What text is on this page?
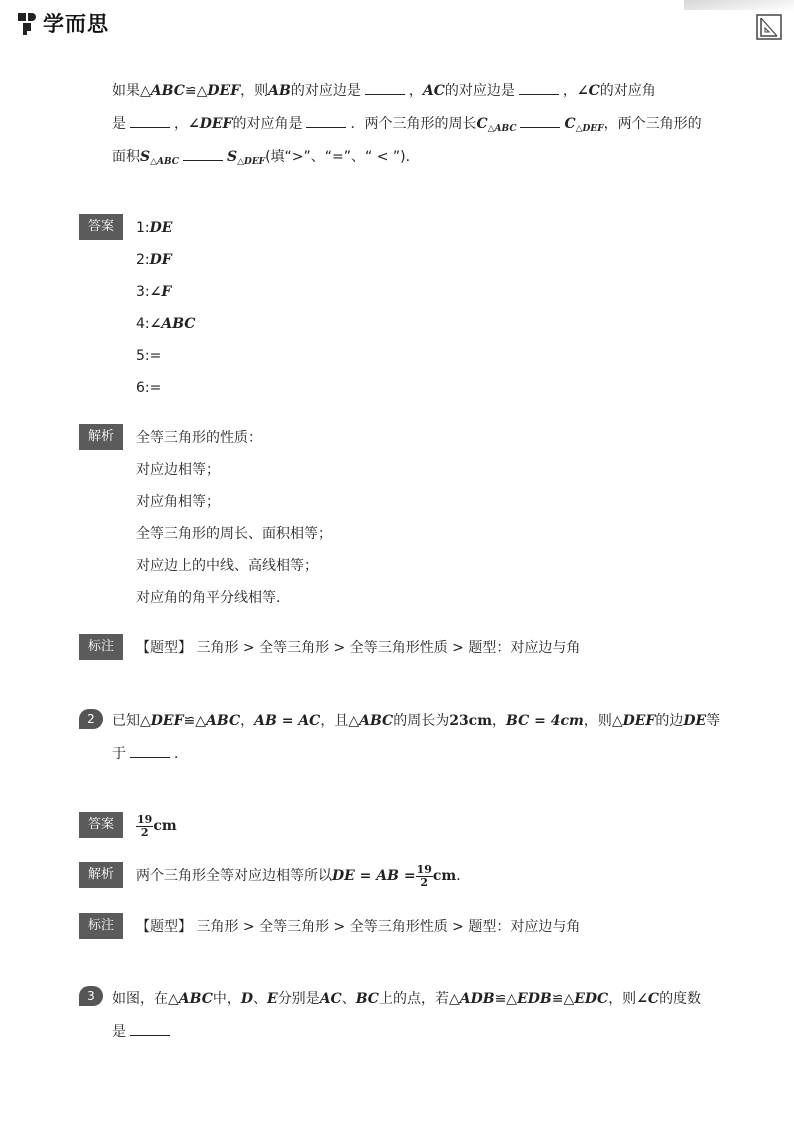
学而思
如果△ABC≌△DEF，则AB的对应边是	，AC的对应边是	，∠C的对应角
是	，∠DEF的对应角是	．两个三角形的周长$C_{\triangle ABC}$	$C_{\triangle DEF}$，两个三角形的
面积$S_{\triangle ABC}$	$S_{\triangle DEF}$(填“>”、“=”、“ < ”)．
答案	1:DE
2:DF
3:∠F
4:∠ABC
5:=
6:=
解析	全等三角形的性质：
对应边相等；
对应角相等；
全等三角形的周长、面积相等；
对应边上的中线、高线相等；
对应角的角平分线相等．
标注	【题型】 三角形 > 全等三角形 > 全等三角形性质 > 题型：对应边与角
2	已知△DEF≌△ABC，AB = AC，且△ABC的周长为23cm，BC = 4cm，则△DEF的边DE等
于	．
答案	$\frac{19}{2}$ cm
解析	两个三角形全等对应边相等所以DE = AB = $\frac{19}{2}$ cm．
标注	【题型】 三角形 > 全等三角形 > 全等三角形性质 > 题型：对应边与角
3	如图，在△ABC中，D、E分别是AC、BC上的点，若△ADB≌△EDB≌△EDC，则∠C的度数
是
